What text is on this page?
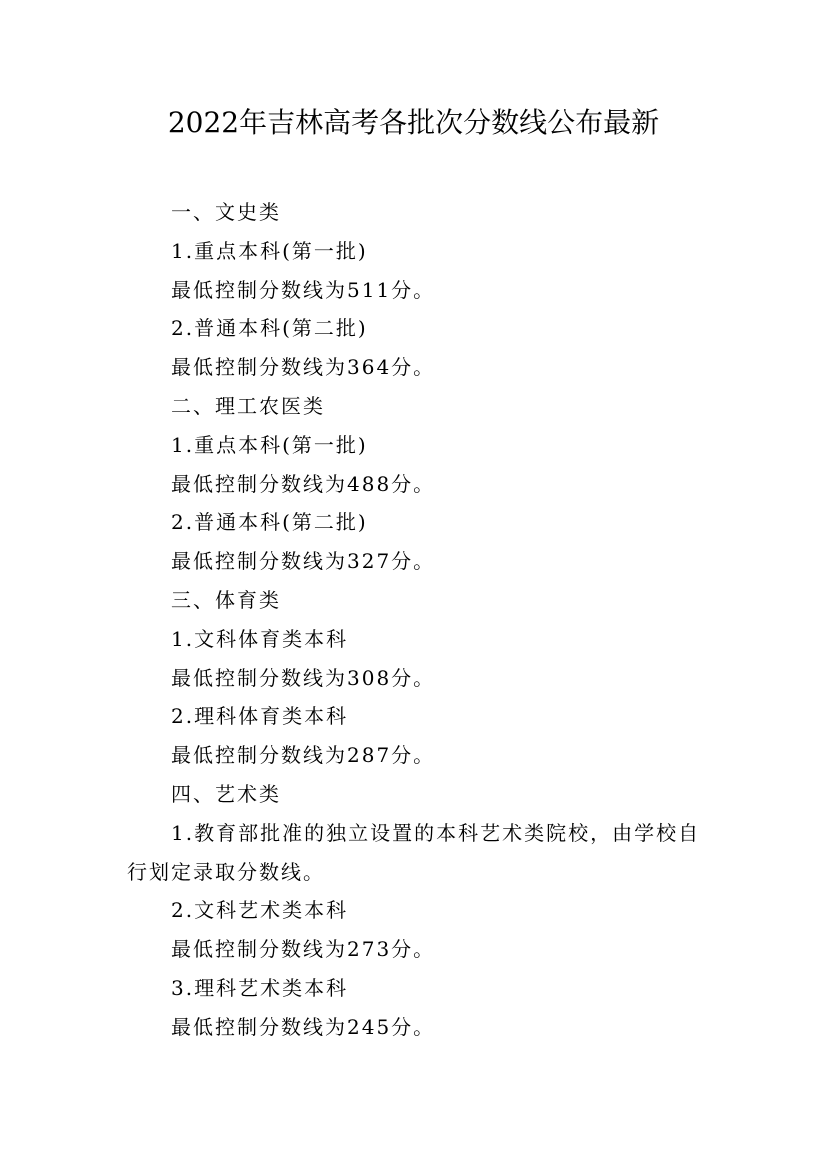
2022年吉林高考各批次分数线公布最新

一、文史类

1.重点本科(第一批)

最低控制分数线为511分。

2.普通本科(第二批)

最低控制分数线为364分。

二、理工农医类

1.重点本科(第一批)

最低控制分数线为488分。

2.普通本科(第二批)

最低控制分数线为327分。

三、体育类

1.文科体育类本科

最低控制分数线为308分。

2.理科体育类本科

最低控制分数线为287分。

四、艺术类

1.教育部批准的独立设置的本科艺术类院校，由学校自行划定录取分数线。

2.文科艺术类本科

最低控制分数线为273分。

3.理科艺术类本科

最低控制分数线为245分。
